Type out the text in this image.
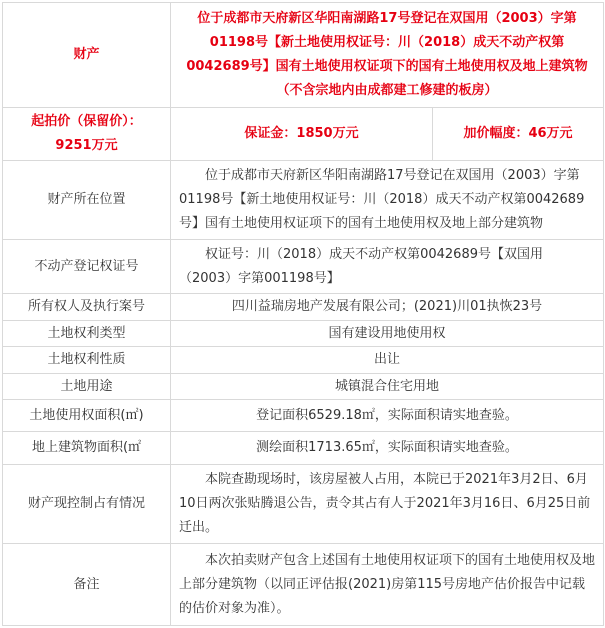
财产	位于成都市天府新区华阳南湖路17号登记在双国用（2003）字第01198号【新土地使用权证号：川（2018）成天不动产权第0042689号】国有土地使用权证项下的国有土地使用权及地上建筑物（不含宗地内由成都建工修建的板房）	
起拍价（保留价）：9251万元	保证金：1850万元	加价幅度：46万元
财产所在位置	位于成都市天府新区华阳南湖路17号登记在双国用（2003）字第01198号【新土地使用权证号：川（2018）成天不动产权第0042689号】国有土地使用权证项下的国有土地使用权及地上部分建筑物	
不动产登记权证号	权证号：川（2018）成天不动产权第0042689号【双国用（2003）字第001198号】	
所有权人及执行案号	四川益瑞房地产发展有限公司；(2021)川01执恢23号	
土地权利类型	国有建设用地使用权	
土地权利性质	出让	
土地用途	城镇混合住宅用地	
土地使用权面积(㎡)	登记面积6529.18㎡，实际面积请实地查验。	
地上建筑物面积(㎡	测绘面积1713.65㎡，实际面积请实地查验。	
财产现控制占有情况	本院查勘现场时，该房屋被人占用，本院已于2021年3月2日、6月10日两次张贴腾退公告，责令其占有人于2021年3月16日、6月25日前迁出。	
备注	本次拍卖财产包含上述国有土地使用权证项下的国有土地使用权及地上部分建筑物（以同正评估报(2021)房第115号房地产估价报告中记载的估价对象为准）。	
